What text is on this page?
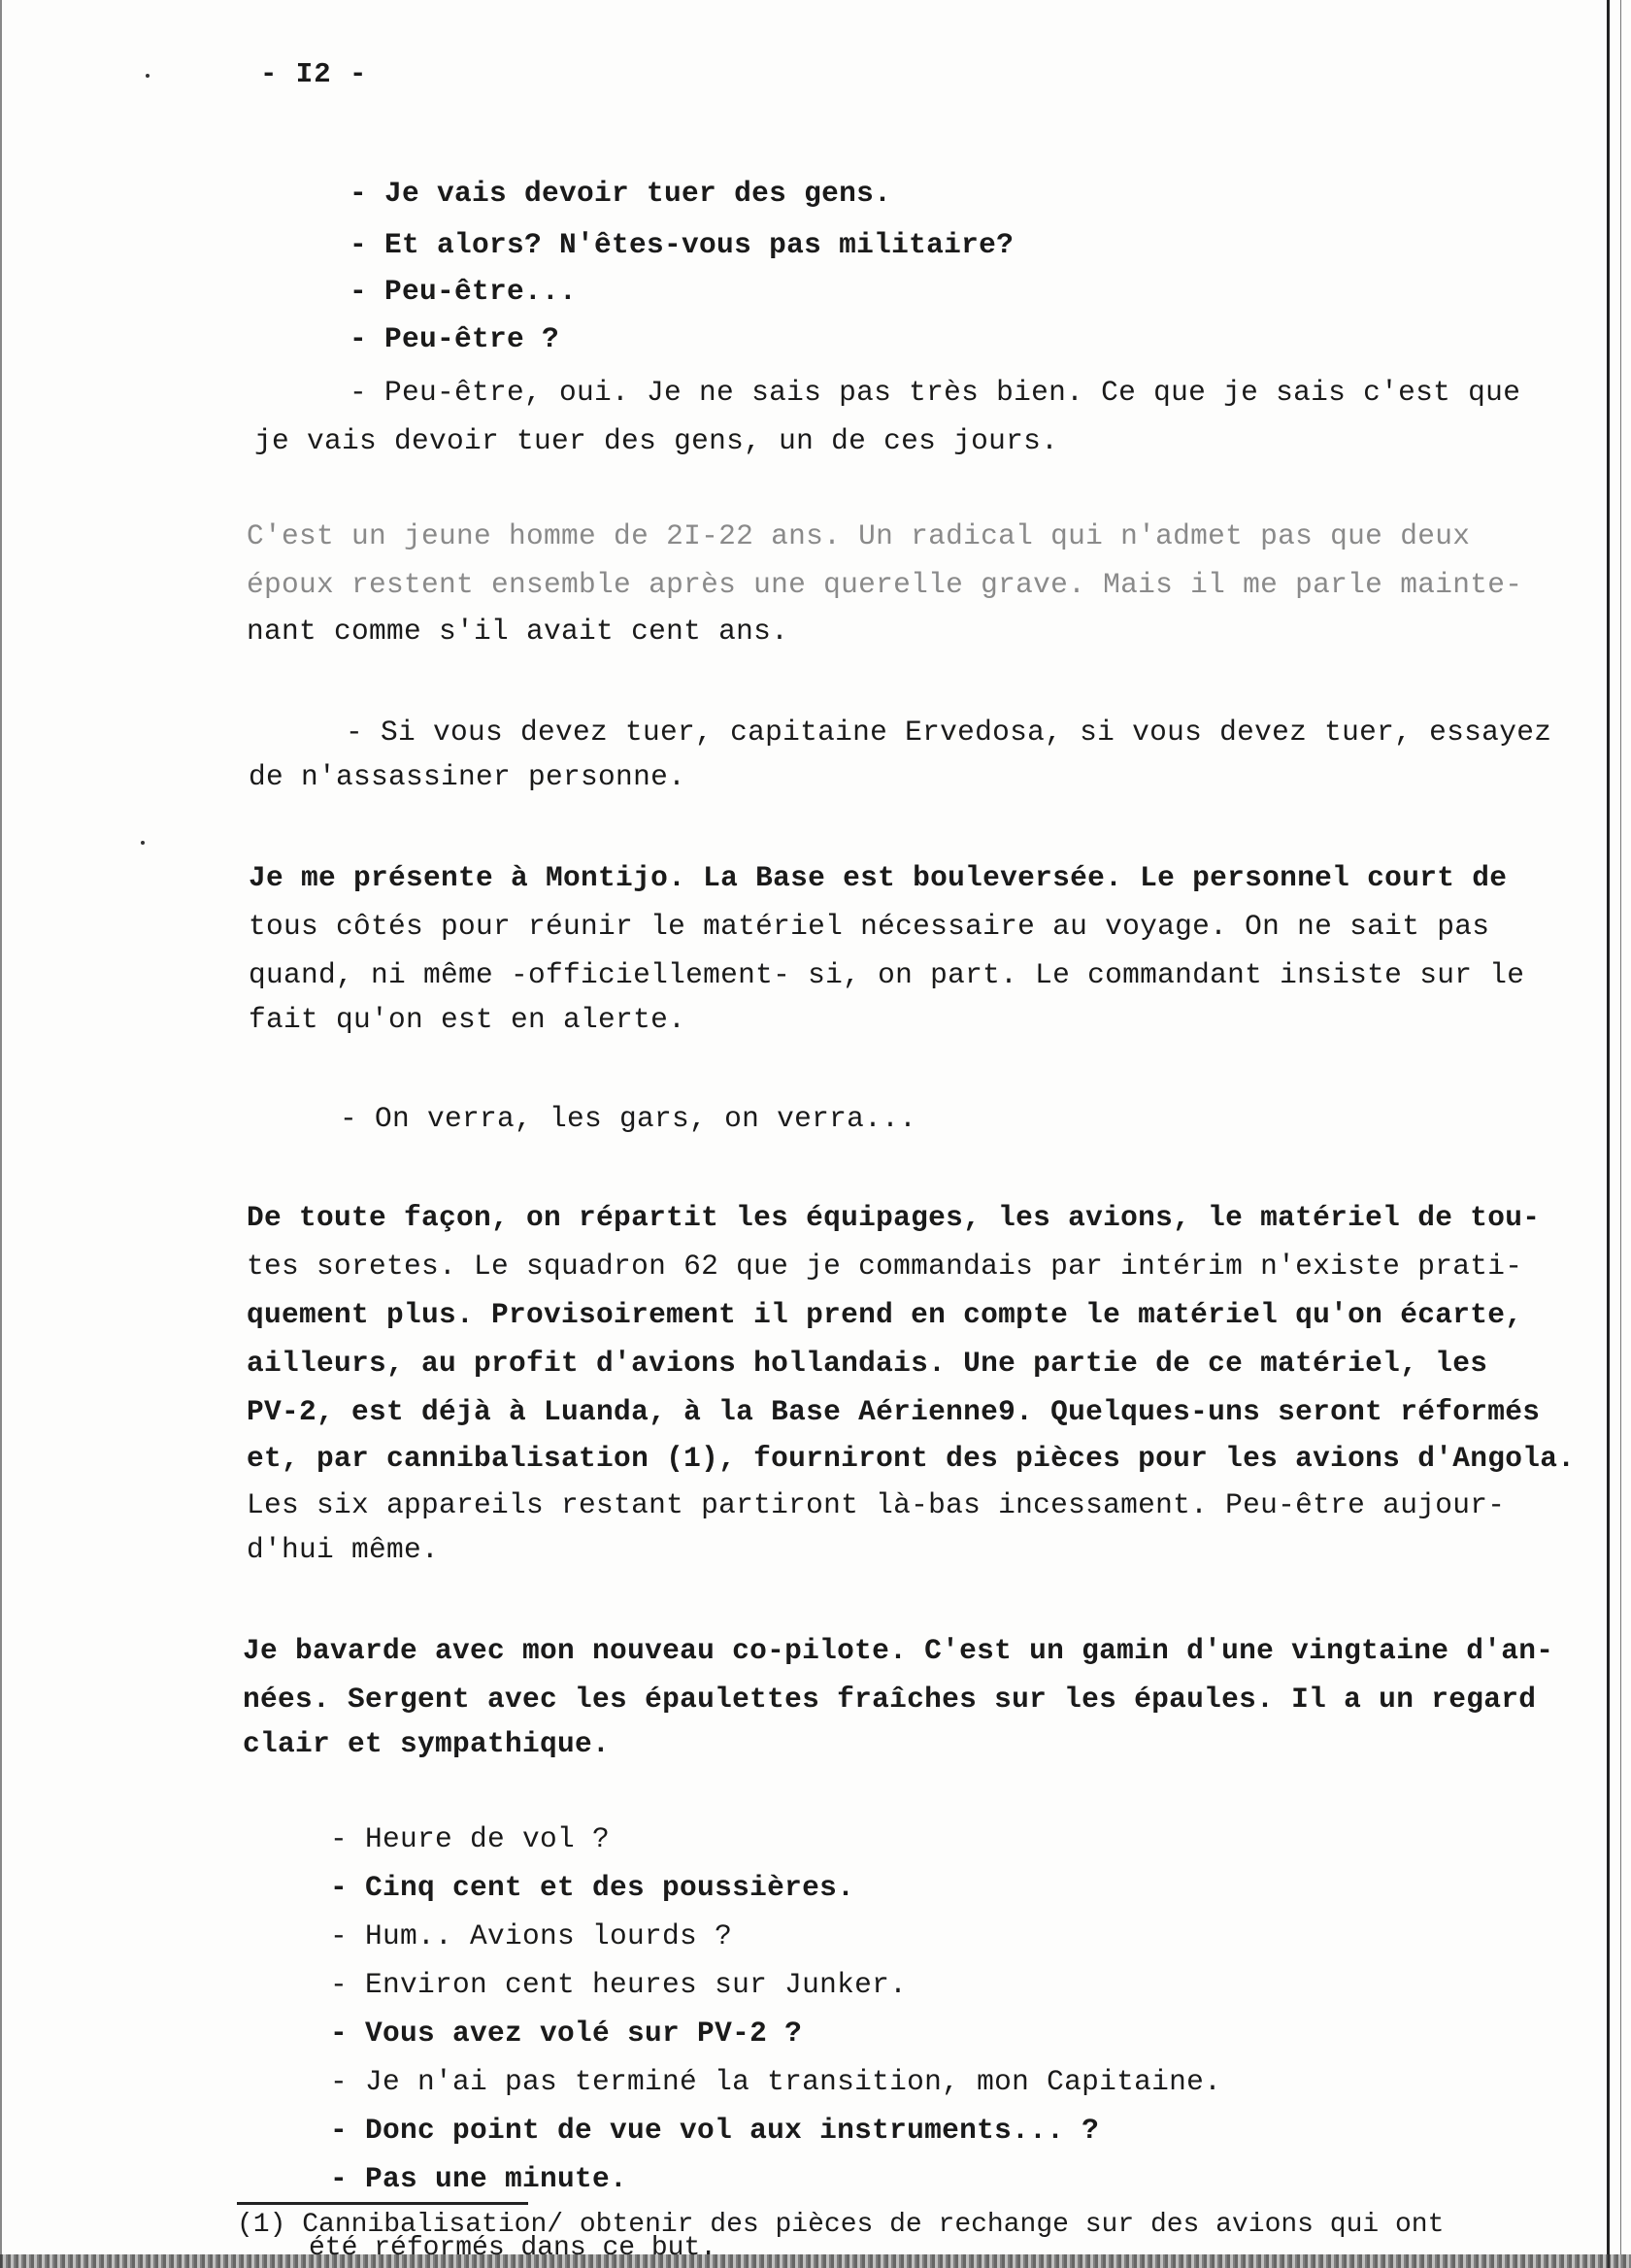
- I2 -
- Je vais devoir tuer des gens.
- Et alors? N'êtes-vous pas militaire?
- Peu-être...
- Peu-être ?
- Peu-être, oui. Je ne sais pas très bien. Ce que je sais c'est que
je vais devoir tuer des gens, un de ces jours.
C'est un jeune homme de 2I-22 ans. Un radical qui n'admet pas que deux
époux restent ensemble après une querelle grave. Mais il me parle mainte-
nant comme s'il avait cent ans.
- Si vous devez tuer, capitaine Ervedosa, si vous devez tuer, essayez
de n'assassiner personne.
Je me présente à Montijo. La Base est bouleversée. Le personnel court de
tous côtés pour réunir le matériel nécessaire au voyage. On ne sait pas
quand, ni même -officiellement- si, on part. Le commandant insiste sur le
fait qu'on est en alerte.
- On verra, les gars, on verra...
De toute façon, on répartit les équipages, les avions, le matériel de tou-
tes soretes. Le squadron 62 que je commandais par intérim n'existe prati-
quement plus. Provisoirement il prend en compte le matériel qu'on écarte,
ailleurs, au profit d'avions hollandais. Une partie de ce matériel, les
PV-2, est déjà à Luanda, à la Base Aérienne9. Quelques-uns seront réformés
et, par cannibalisation (1), fourniront des pièces pour les avions d'Angola.
Les six appareils restant partiront là-bas incessament. Peu-être aujour-
d'hui même.
Je bavarde avec mon nouveau co-pilote. C'est un gamin d'une vingtaine d'an-
nées. Sergent avec les épaulettes fraîches sur les épaules. Il a un regard
clair et sympathique.
- Heure de vol ?
- Cinq cent et des poussières.
- Hum.. Avions lourds ?
- Environ cent heures sur Junker.
- Vous avez volé sur PV-2 ?
- Je n'ai pas terminé la transition, mon Capitaine.
- Donc point de vue vol aux instruments... ?
- Pas une minute.
(1) Cannibalisation/ obtenir des pièces de rechange sur des avions qui ont
été réformés dans ce but.
